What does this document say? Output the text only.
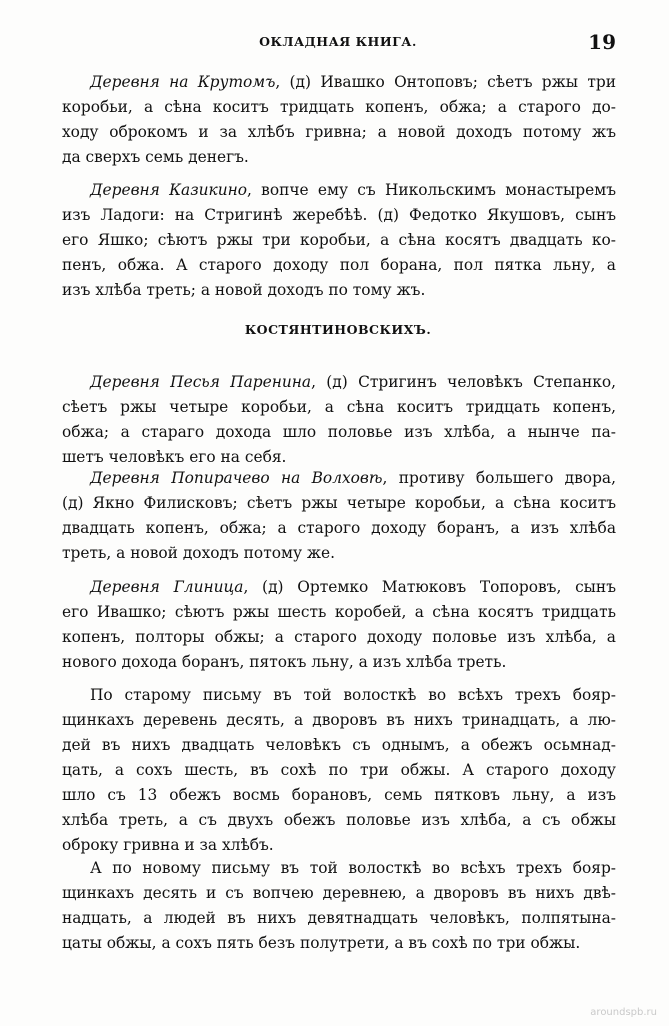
ОКЛАДНАЯ КНИГА.	19
Деревня на Крутомъ, (д) Ивашко Онтоповъ; сѣетъ ржы три
коробьи, а сѣна коситъ тридцать копенъ, обжа; а старого до-
ходу оброкомъ и за хлѣбъ гривна; а новой доходъ потому жъ
да сверхъ семь денегъ.
Деревня Казикино, вопче ему съ Никольскимъ монастыремъ
изъ Ладоги: на Стригинѣ жеребѣѣ. (д) Федотко Якушовъ, сынъ
его Яшко; сѣютъ ржы три коробьи, а сѣна косятъ двадцать ко-
пенъ, обжа. А старого доходу пол борана, пол пятка льну, а
изъ хлѣба треть; а новой доходъ по тому жъ.
КОСТЯНТИНОВСКИХЪ.
Деревня Песья Паренина, (д) Стригинъ человѣкъ Степанко,
сѣетъ ржы четыре коробьи, а сѣна коситъ тридцать копенъ,
обжа; а стараго дохода шло половье изъ хлѣба, а нынче па-
шетъ человѣкъ его на себя.
Деревня Попирачево на Волховѣ, противу большего двора,
(д) Якно Филисковъ; сѣетъ ржы четыре коробьи, а сѣна коситъ
двадцать копенъ, обжа; а старого доходу боранъ, а изъ хлѣба
треть, а новой доходъ потому же.
Деревня Глиница, (д) Ортемко Матюковъ Топоровъ, сынъ
его Ивашко; сѣютъ ржы шесть коробей, а сѣна косятъ тридцать
копенъ, полторы обжы; а старого доходу половье изъ хлѣба, а
нового дохода боранъ, пятокъ льну, а изъ хлѣба треть.
По старому письму въ той волосткѣ во всѣхъ трехъ бояр-
щинкахъ деревень десять, а дворовъ въ нихъ тринадцать, а лю-
дей въ нихъ двадцать человѣкъ съ однымъ, а обежъ осьмнад-
цать, а сохъ шесть, въ сохѣ по три обжы. А старого доходу
шло съ 13 обежъ восмь борановъ, семь пятковъ льну, а изъ
хлѣба треть, а съ двухъ обежъ половье изъ хлѣба, а съ обжы
оброку гривна и за хлѣбъ.
А по новому письму въ той волосткѣ во всѣхъ трехъ бояр-
щинкахъ десять и съ вопчею деревнею, а дворовъ въ нихъ двѣ-
надцать, а людей въ нихъ девятнадцать человѣкъ, полпятына-
цаты обжы, а сохъ пять безъ полутрети, а въ сохѣ по три обжы.
aroundspb.ru
